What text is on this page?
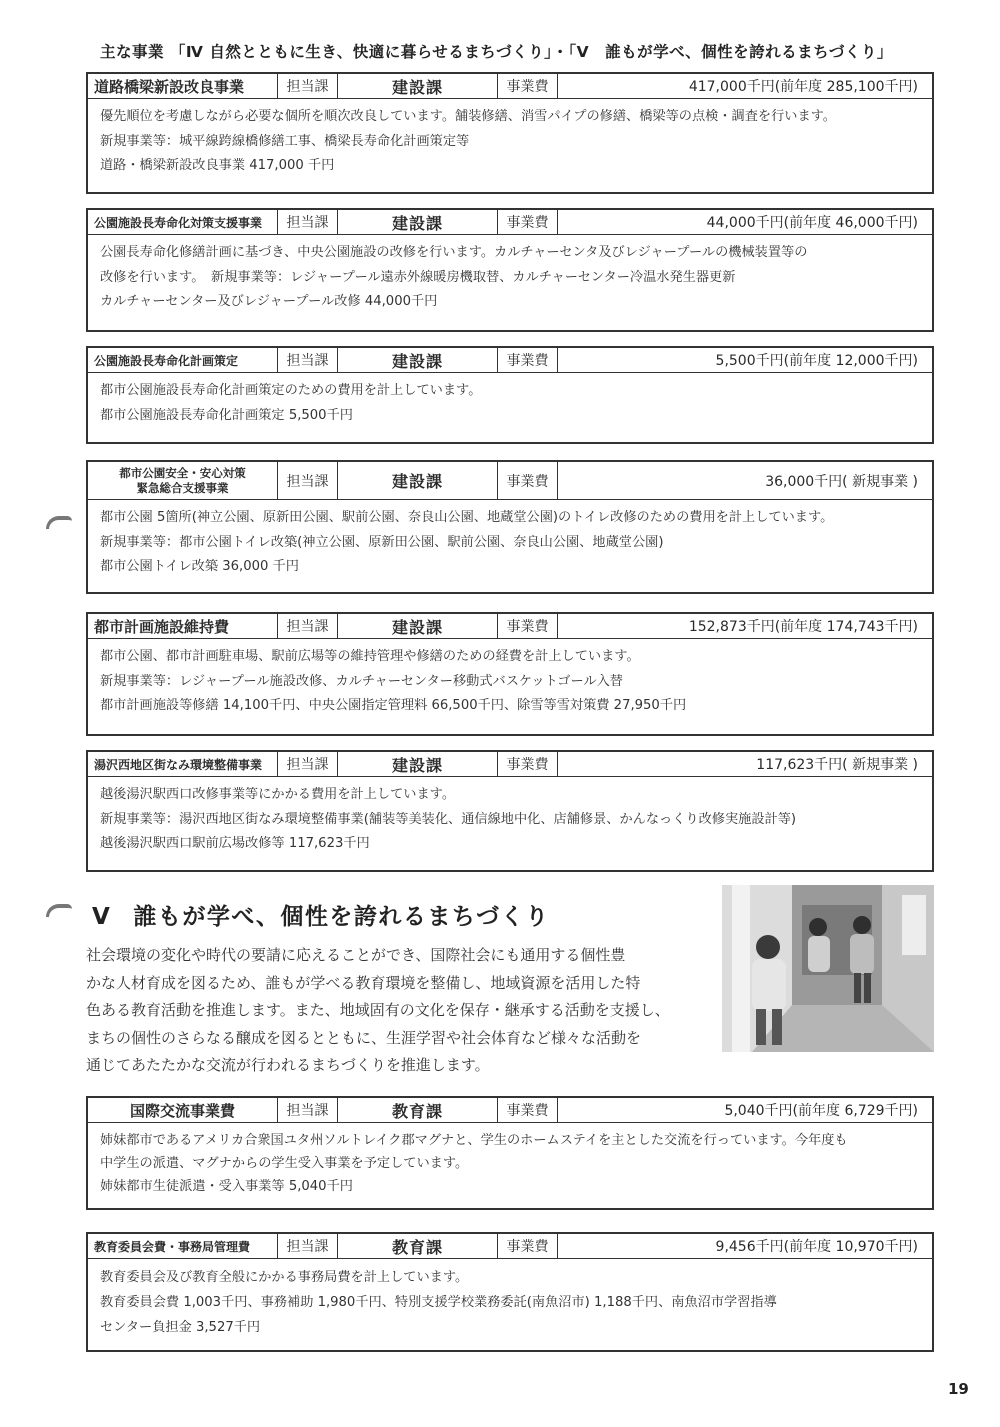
主な事業 「Ⅳ 自然とともに生き、快適に暮らせるまちづくり」・「Ⅴ　誰もが学べ、個性を誇れるまちづくり」
道路橋梁新設改良事業	担当課	建設課	事業費	417,000千円(前年度 285,100千円)

優先順位を考慮しながら必要な個所を順次改良しています。舗装修繕、消雪パイプの修繕、橋梁等の点検・調査を行います。

新規事業等：城平線跨線橋修繕工事、橋梁長寿命化計画策定等

道路・橋梁新設改良事業 417,000 千円

公園施設長寿命化対策支援事業	担当課	建設課	事業費	44,000千円(前年度 46,000千円)

公園長寿命化修繕計画に基づき、中央公園施設の改修を行います。カルチャーセンタ及びレジャープールの機械装置等の

改修を行います。　新規事業等：レジャープール遠赤外線暖房機取替、カルチャーセンター冷温水発生器更新

カルチャーセンター及びレジャープール改修 44,000千円

公園施設長寿命化計画策定	担当課	建設課	事業費	5,500千円(前年度 12,000千円)

都市公園施設長寿命化計画策定のための費用を計上しています。

都市公園施設長寿命化計画策定 5,500千円

都市公園安全・安心対策
緊急総合支援事業	担当課	建設課	事業費	36,000千円( 新規事業 )

都市公園 5箇所(神立公園、原新田公園、駅前公園、奈良山公園、地蔵堂公園)のトイレ改修のための費用を計上しています。

新規事業等：都市公園トイレ改築(神立公園、原新田公園、駅前公園、奈良山公園、地蔵堂公園)

都市公園トイレ改築 36,000 千円

都市計画施設維持費	担当課	建設課	事業費	152,873千円(前年度 174,743千円)

都市公園、都市計画駐車場、駅前広場等の維持管理や修繕のための経費を計上しています。

新規事業等：レジャープール施設改修、カルチャーセンター移動式バスケットゴール入替

都市計画施設等修繕 14,100千円、中央公園指定管理料 66,500千円、除雪等雪対策費 27,950千円

湯沢西地区街なみ環境整備事業	担当課	建設課	事業費	117,623千円( 新規事業 )

越後湯沢駅西口改修事業等にかかる費用を計上しています。

新規事業等：湯沢西地区街なみ環境整備事業(舗装等美装化、通信線地中化、店舗修景、かんなっくり改修実施設計等)

越後湯沢駅西口駅前広場改修等 117,623千円

Ⅴ 誰もが学べ、個性を誇れるまちづくり

社会環境の変化や時代の要請に応えることができ、国際社会にも通用する個性豊

かな人材育成を図るため、誰もが学べる教育環境を整備し、地域資源を活用した特

色ある教育活動を推進します。また、地域固有の文化を保存・継承する活動を支援し、

まちの個性のさらなる醸成を図るとともに、生涯学習や社会体育など様々な活動を

通じてあたたかな交流が行われるまちづくりを推進します。

国際交流事業費	担当課	教育課	事業費	5,040千円(前年度 6,729千円)

姉妹都市であるアメリカ合衆国ユタ州ソルトレイク郡マグナと、学生のホームステイを主とした交流を行っています。今年度も

中学生の派遣、マグナからの学生受入事業を予定しています。

姉妹都市生徒派遣・受入事業等 5,040千円

教育委員会費・事務局管理費	担当課	教育課	事業費	9,456千円(前年度 10,970千円)

教育委員会及び教育全般にかかる事務局費を計上しています。

教育委員会費 1,003千円、事務補助 1,980千円、特別支援学校業務委託(南魚沼市) 1,188千円、南魚沼市学習指導

センター負担金 3,527千円

19
